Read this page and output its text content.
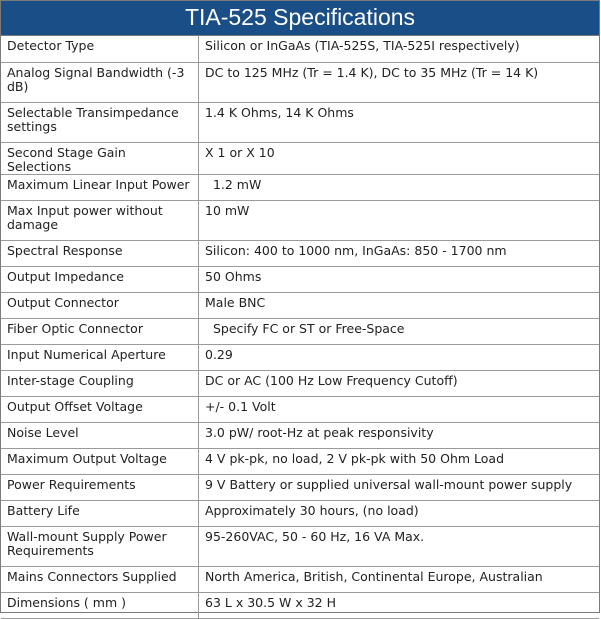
TIA-525 Specifications
Detector Type	Silicon or InGaAs (TIA-525S, TIA-525I respectively)
Analog Signal Bandwidth (-3 dB)	DC to 125 MHz (Tr = 1.4 K), DC to 35 MHz (Tr = 14 K)
Selectable Transimpedance settings	1.4 K Ohms, 14 K Ohms
Second Stage Gain Selections	X 1 or X 10
Maximum Linear Input Power	1.2 mW
Max Input power without damage	10 mW
Spectral Response	Silicon: 400 to 1000 nm, InGaAs: 850 - 1700 nm
Output Impedance	50 Ohms
Output Connector	Male BNC
Fiber Optic Connector	Specify FC or ST or Free-Space
Input Numerical Aperture	0.29
Inter-stage Coupling	DC or AC (100 Hz Low Frequency Cutoff)
Output Offset Voltage	+/- 0.1 Volt
Noise Level	3.0 pW/ root-Hz at peak responsivity
Maximum Output Voltage	4 V pk-pk, no load, 2 V pk-pk with 50 Ohm Load
Power Requirements	9 V Battery or supplied universal wall-mount power supply
Battery Life	Approximately 30 hours, (no load)
Wall-mount Supply Power Requirements	95-260VAC, 50 - 60 Hz, 16 VA Max.
Mains Connectors Supplied	North America, British, Continental Europe, Australian
Dimensions ( mm )	63 L x 30.5 W x 32 H
